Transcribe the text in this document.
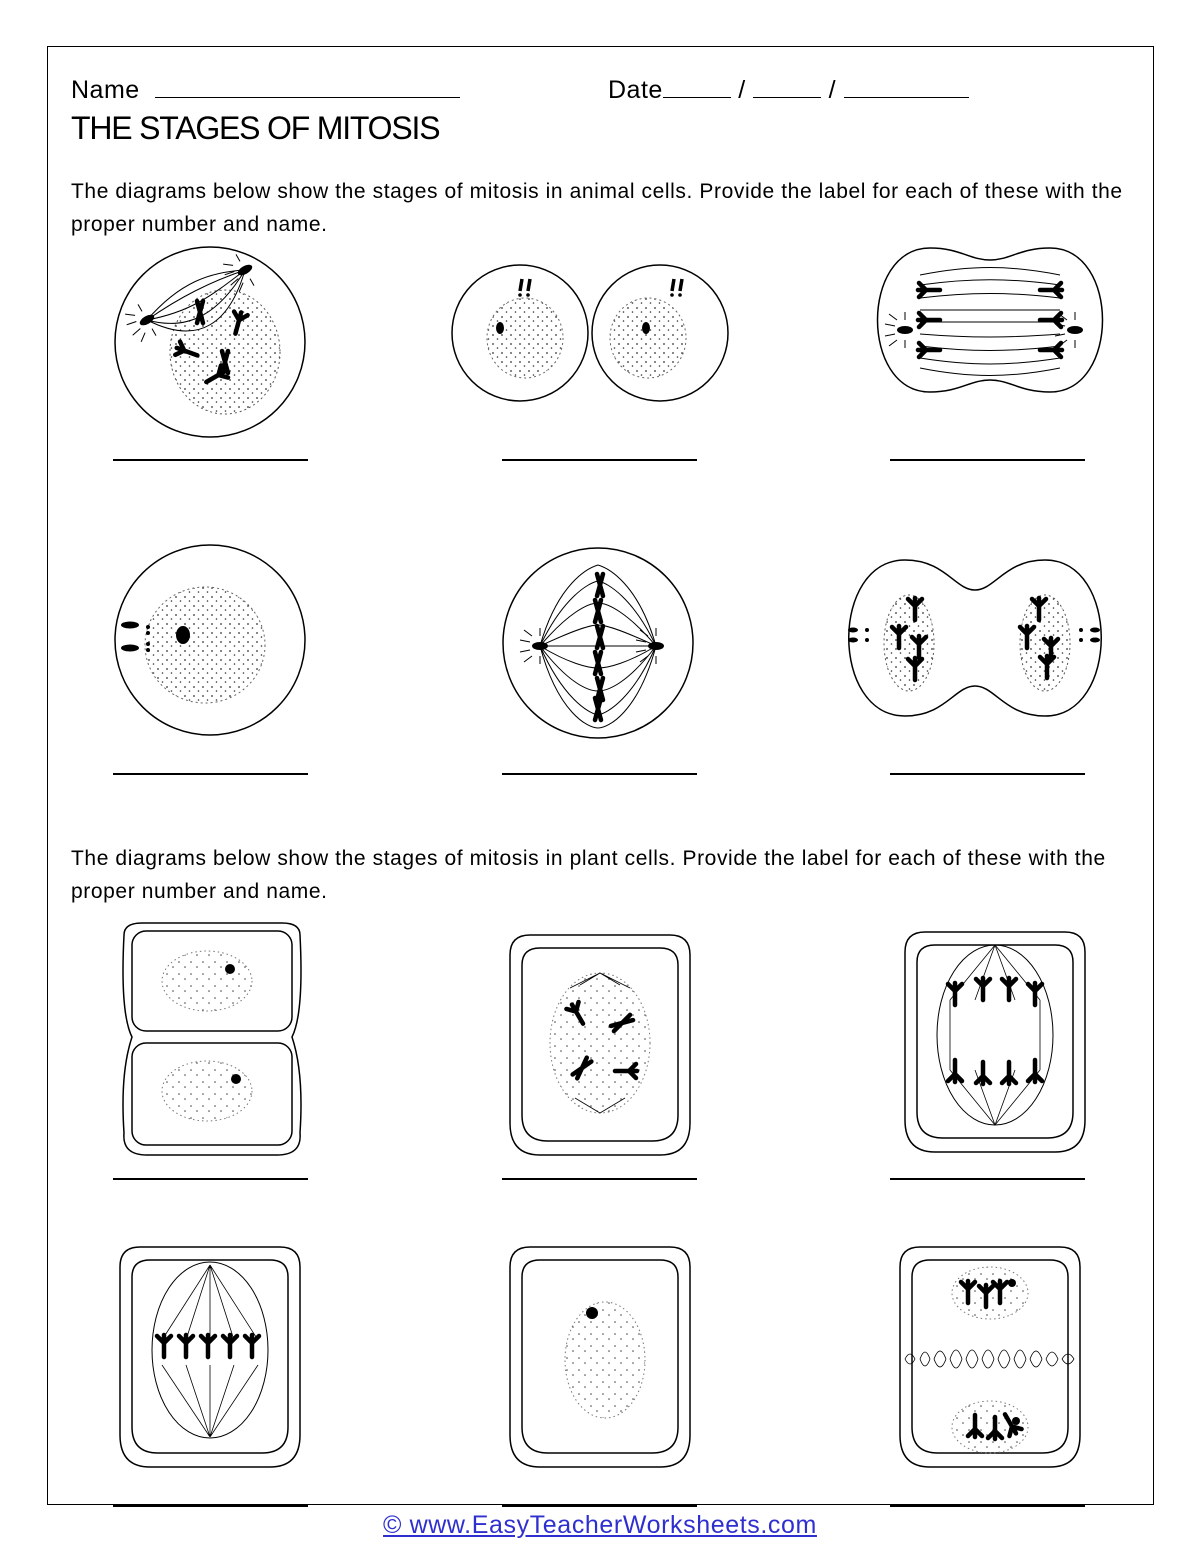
Name	Date	/	/
THE STAGES OF MITOSIS
The diagrams below show the stages of mitosis in animal cells. Provide the label for each of these with the proper number and name.
The diagrams below show the stages of mitosis in plant cells. Provide the label for each of these with the proper number and name.
© www.EasyTeacherWorksheets.com
